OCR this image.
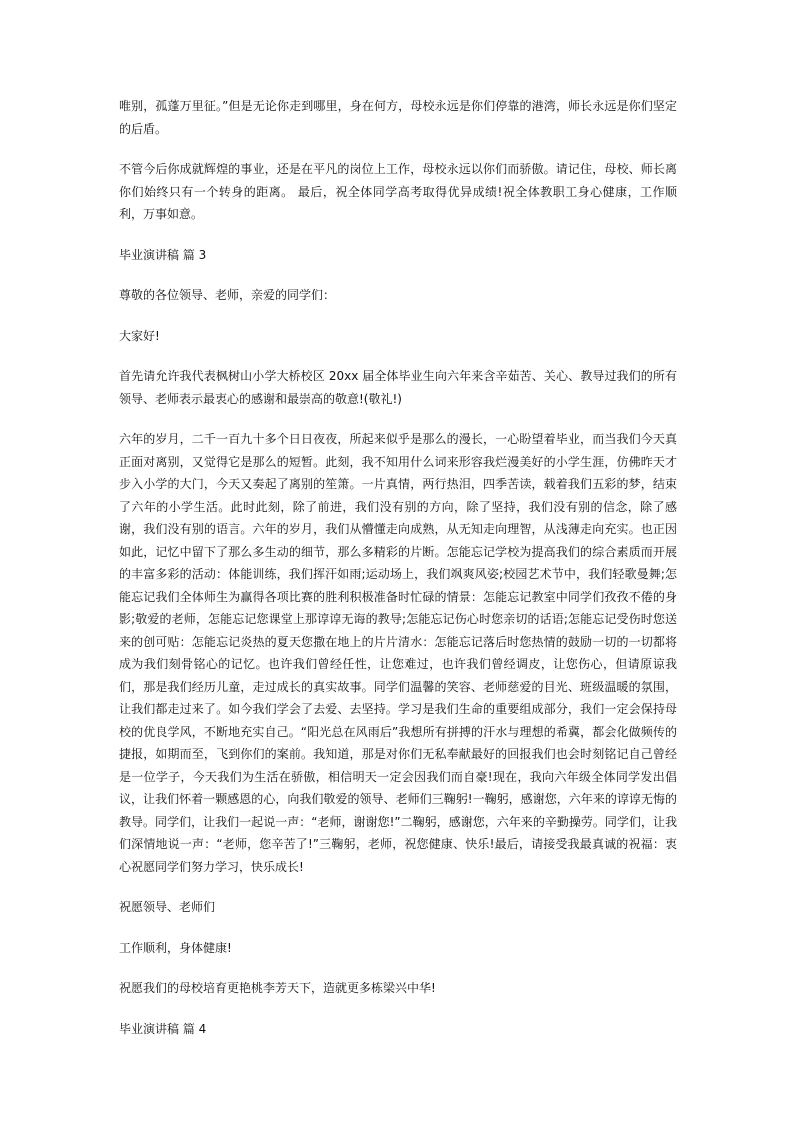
唯别，孤蓬万里征。”但是无论你走到哪里，身在何方，母校永远是你们停靠的港湾，师长永远是你们坚定的后盾。

不管今后你成就辉煌的事业，还是在平凡的岗位上工作，母校永远以你们而骄傲。请记住，母校、师长离你们始终只有一个转身的距离。 最后，祝全体同学高考取得优异成绩!祝全体教职工身心健康，工作顺利，万事如意。

毕业演讲稿 篇 3

尊敬的各位领导、老师，亲爱的同学们：

大家好!

首先请允许我代表枫树山小学大桥校区 20xx 届全体毕业生向六年来含辛茹苦、关心、教导过我们的所有领导、老师表示最衷心的感谢和最崇高的敬意!(敬礼!)

六年的岁月，二千一百九十多个日日夜夜，所起来似乎是那么的漫长，一心盼望着毕业，而当我们今天真正面对离别，又觉得它是那么的短暂。此刻，我不知用什么词来形容我烂漫美好的小学生涯，仿佛昨天才步入小学的大门，今天又奏起了离别的笙箫。一片真情，两行热泪，四季苦读，载着我们五彩的梦，结束了六年的小学生活。此时此刻，除了前进，我们没有别的方向，除了坚持，我们没有别的信念，除了感谢，我们没有别的语言。六年的岁月，我们从懵懂走向成熟，从无知走向理智，从浅薄走向充实。也正因如此，记忆中留下了那么多生动的细节，那么多精彩的片断。怎能忘记学校为提高我们的综合素质而开展的丰富多彩的活动：体能训练，我们挥汗如雨;运动场上，我们飒爽风姿;校园艺术节中，我们轻歌曼舞;怎能忘记我们全体师生为赢得各项比赛的胜利积极准备时忙碌的情景：怎能忘记教室中同学们孜孜不倦的身影;敬爱的老师，怎能忘记您课堂上那谆谆无诲的教导;怎能忘记伤心时您亲切的话语;怎能忘记受伤时您送来的创可贴：怎能忘记炎热的夏天您撒在地上的片片清水：怎能忘记落后时您热情的鼓励一切的一切都将成为我们刻骨铭心的记忆。也许我们曾经任性，让您难过，也许我们曾经调皮，让您伤心，但请原谅我们，那是我们经历儿童，走过成长的真实故事。同学们温馨的笑容、老师慈爱的目光、班级温暖的氛围，让我们都走过来了。如今我们学会了去爱、去坚持。学习是我们生命的重要组成部分，我们一定会保持母校的优良学风，不断地充实自己。“阳光总在风雨后”我想所有拼搏的汗水与理想的希冀，都会化做频传的捷报，如期而至，飞到你们的案前。我知道，那是对你们无私奉献最好的回报我们也会时刻铭记自己曾经是一位学子，今天我们为生活在骄傲，相信明天一定会因我们而自豪!现在，我向六年级全体同学发出倡议，让我们怀着一颗感恩的心，向我们敬爱的领导、老师们三鞠躬!一鞠躬，感谢您，六年来的谆谆无悔的教导。同学们，让我们一起说一声：“老师，谢谢您!”二鞠躬，感谢您，六年来的辛勤操劳。同学们，让我们深情地说一声：“老师，您辛苦了!”三鞠躬，老师，祝您健康、快乐!最后，请接受我最真诚的祝福：衷心祝愿同学们努力学习，快乐成长!

祝愿领导、老师们

工作顺利，身体健康!

祝愿我们的母校培育更艳桃李芳天下，造就更多栋梁兴中华!

毕业演讲稿 篇 4
